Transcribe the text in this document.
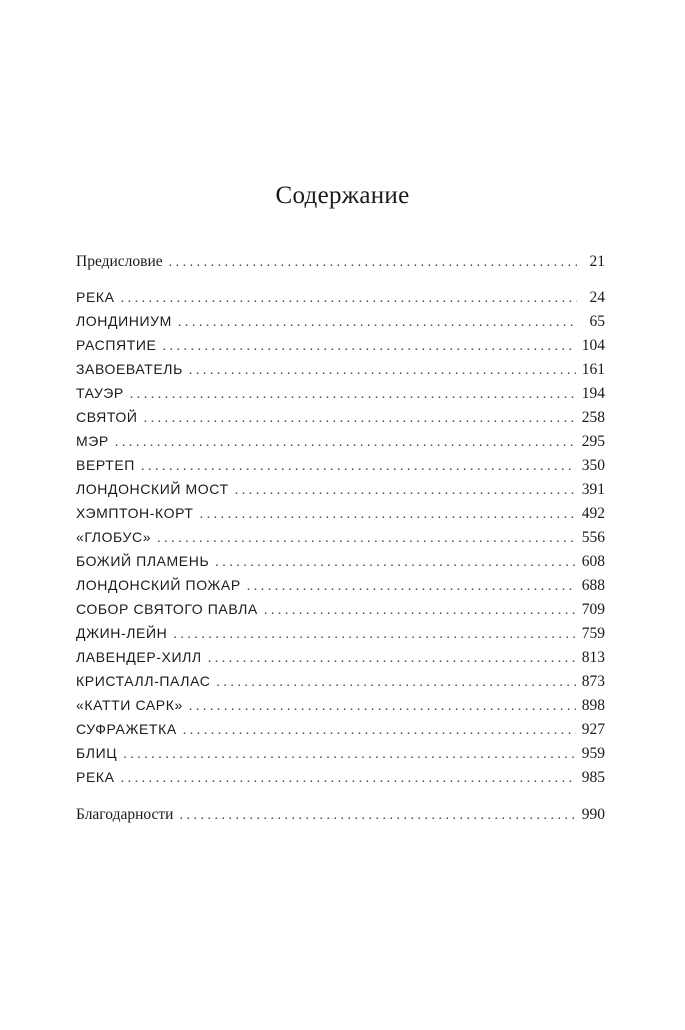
Содержание
Предисловие . . .	21
РЕКА . . .	24
ЛОНДИНИУМ . . .	65
РАСПЯТИЕ . . .	104
ЗАВОЕВАТЕЛЬ . . .	161
ТАУЭР . . .	194
СВЯТОЙ . . .	258
МЭР . . .	295
ВЕРТЕП . . .	350
ЛОНДОНСКИЙ МОСТ . . .	391
ХЭМПТОН-КОРТ . . .	492
«ГЛОБУС» . . .	556
БОЖИЙ ПЛАМЕНЬ . . .	608
ЛОНДОНСКИЙ ПОЖАР . . .	688
СОБОР СВЯТОГО ПАВЛА . . .	709
ДЖИН-ЛЕЙН . . .	759
ЛАВЕНДЕР-ХИЛЛ . . .	813
КРИСТАЛЛ-ПАЛАС . . .	873
«КАТТИ САРК» . . .	898
СУФРАЖЕТКА . . .	927
БЛИЦ . . .	959
РЕКА . . .	985
Благодарности . . .	990
